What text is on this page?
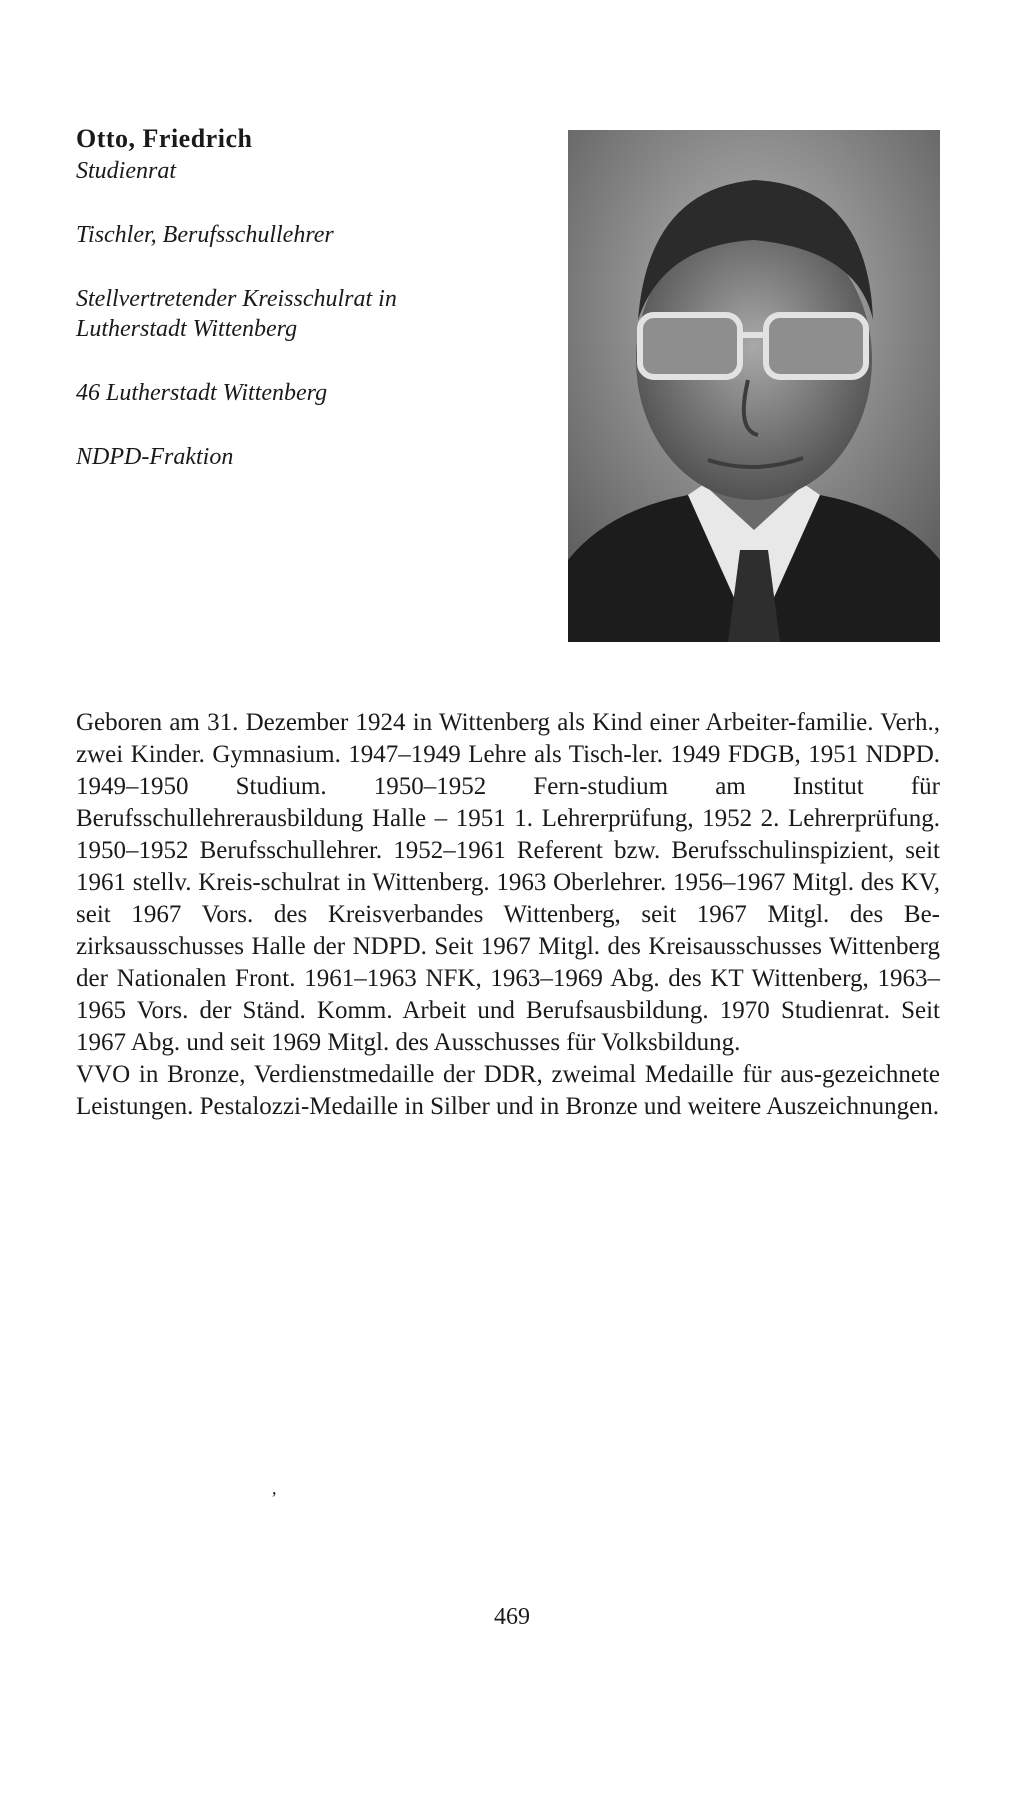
Otto, Friedrich
Studienrat
Tischler, Berufsschullehrer
Stellvertretender Kreisschulrat in
Lutherstadt Wittenberg
46 Lutherstadt Wittenberg
NDPD-Fraktion

Geboren am 31. Dezember 1924 in Wittenberg als Kind einer Arbeiter-familie. Verh., zwei Kinder. Gymnasium. 1947–1949 Lehre als Tisch-ler. 1949 FDGB, 1951 NDPD. 1949–1950 Studium. 1950–1952 Fern-studium am Institut für Berufsschullehrerausbildung Halle – 1951 1. Lehrerprüfung, 1952 2. Lehrerprüfung. 1950–1952 Berufsschullehrer. 1952–1961 Referent bzw. Berufsschulinspizient, seit 1961 stellv. Kreis-schulrat in Wittenberg. 1963 Oberlehrer. 1956–1967 Mitgl. des KV, seit 1967 Vors. des Kreisverbandes Wittenberg, seit 1967 Mitgl. des Be-zirksausschusses Halle der NDPD. Seit 1967 Mitgl. des Kreisausschusses Wittenberg der Nationalen Front. 1961–1963 NFK, 1963–1969 Abg. des KT Wittenberg, 1963–1965 Vors. der Ständ. Komm. Arbeit und Berufsausbildung. 1970 Studienrat. Seit 1967 Abg. und seit 1969 Mitgl. des Ausschusses für Volksbildung.

VVO in Bronze, Verdienstmedaille der DDR, zweimal Medaille für aus-gezeichnete Leistungen. Pestalozzi-Medaille in Silber und in Bronze und weitere Auszeichnungen.

,
469
